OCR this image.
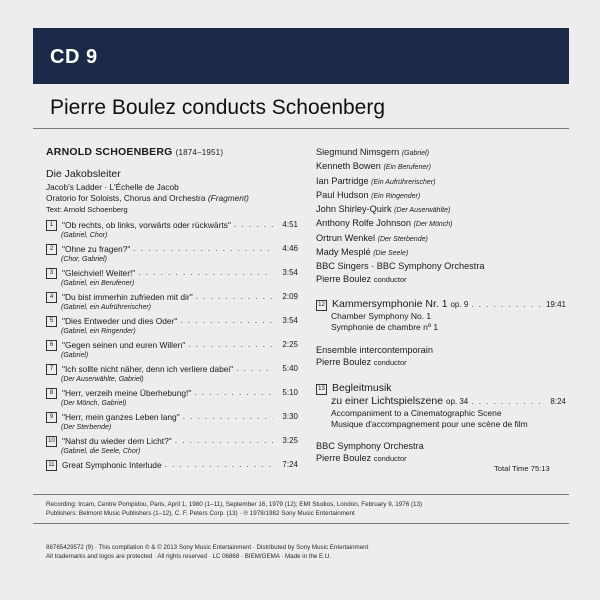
CD 9
Pierre Boulez conducts Schoenberg
ARNOLD SCHOENBERG (1874–1951)
Die Jakobsleiter
Jacob's Ladder · L'Échelle de Jacob
Oratorio for Soloists, Chorus and Orchestra (Fragment)
Text: Arnold Schoenberg
1	"Ob rechts, ob links, vorwärts oder rückwärts" . . .	4:51
(Gabriel, Chor)
2	"Ohne zu fragen?" . . .	4:46
(Chor, Gabriel)
3	"Gleichviel! Weiter!" . . .	3:54
(Gabriel, ein Berufener)
4	"Du bist immerhin zufrieden mit dir" . . .	2:09
(Gabriel, ein Aufrührerischer)
5	"Dies Entweder und dies Oder" . . .	3:54
(Gabriel, ein Ringender)
6	"Gegen seinen und euren Willen" . . .	2:25
(Gabriel)
7	"Ich sollte nicht näher, denn ich verliere dabei" . . .	5:40
(Der Auserwählte, Gabriel)
8	"Herr, verzeih meine Überhebung!" . . .	5:10
(Der Mönch, Gabriel)
9	"Herr, mein ganzes Leben lang" . . .	3:30
(Der Sterbende)
10 "Nahst du wieder dem Licht?" . . .	3:25
(Gabriel, die Seele, Chor)
11 Great Symphonic Interlude . . .	7:24
Siegmund Nimsgern (Gabriel)
Kenneth Bowen (Ein Berufener)
Ian Partridge (Ein Aufrührerischer)
Paul Hudson (Ein Ringender)
John Shirley-Quirk (Der Auserwählte)
Anthony Rolfe Johnson (Der Mönch)
Ortrun Wenkel (Der Sterbende)
Mady Mesplé (Die Seele)
BBC Singers · BBC Symphony Orchestra
Pierre Boulez conductor
12 Kammersymphonie Nr. 1 op. 9 . . .	19:41
Chamber Symphony No. 1
Symphonie de chambre nº 1
Ensemble intercontemporain
Pierre Boulez conductor
13 Begleitmusik
zu einer Lichtspielszene op. 34 . . .	8:24
Accompaniment to a Cinematographic Scene
Musique d'accompagnement pour une scène de film
BBC Symphony Orchestra
Pierre Boulez conductor
Total Time 75:13
Recording: Ircam, Centre Pompidou, Paris, April 1, 1980 (1–11), September 16, 1979 (12); EMI Studios, London, February 9, 1976 (13)
Publishers: Belmont Music Publishers (1–12), C. F. Peters Corp. (13) · ℗ 1978/1982 Sony Music Entertainment
88765429572 (9) · This compilation ℗ & © 2013 Sony Music Entertainment · Distributed by Sony Music Entertainment
All trademarks and logos are protected · All rights reserved · LC 06868 · BIEM/GEMA · Made in the E.U.
